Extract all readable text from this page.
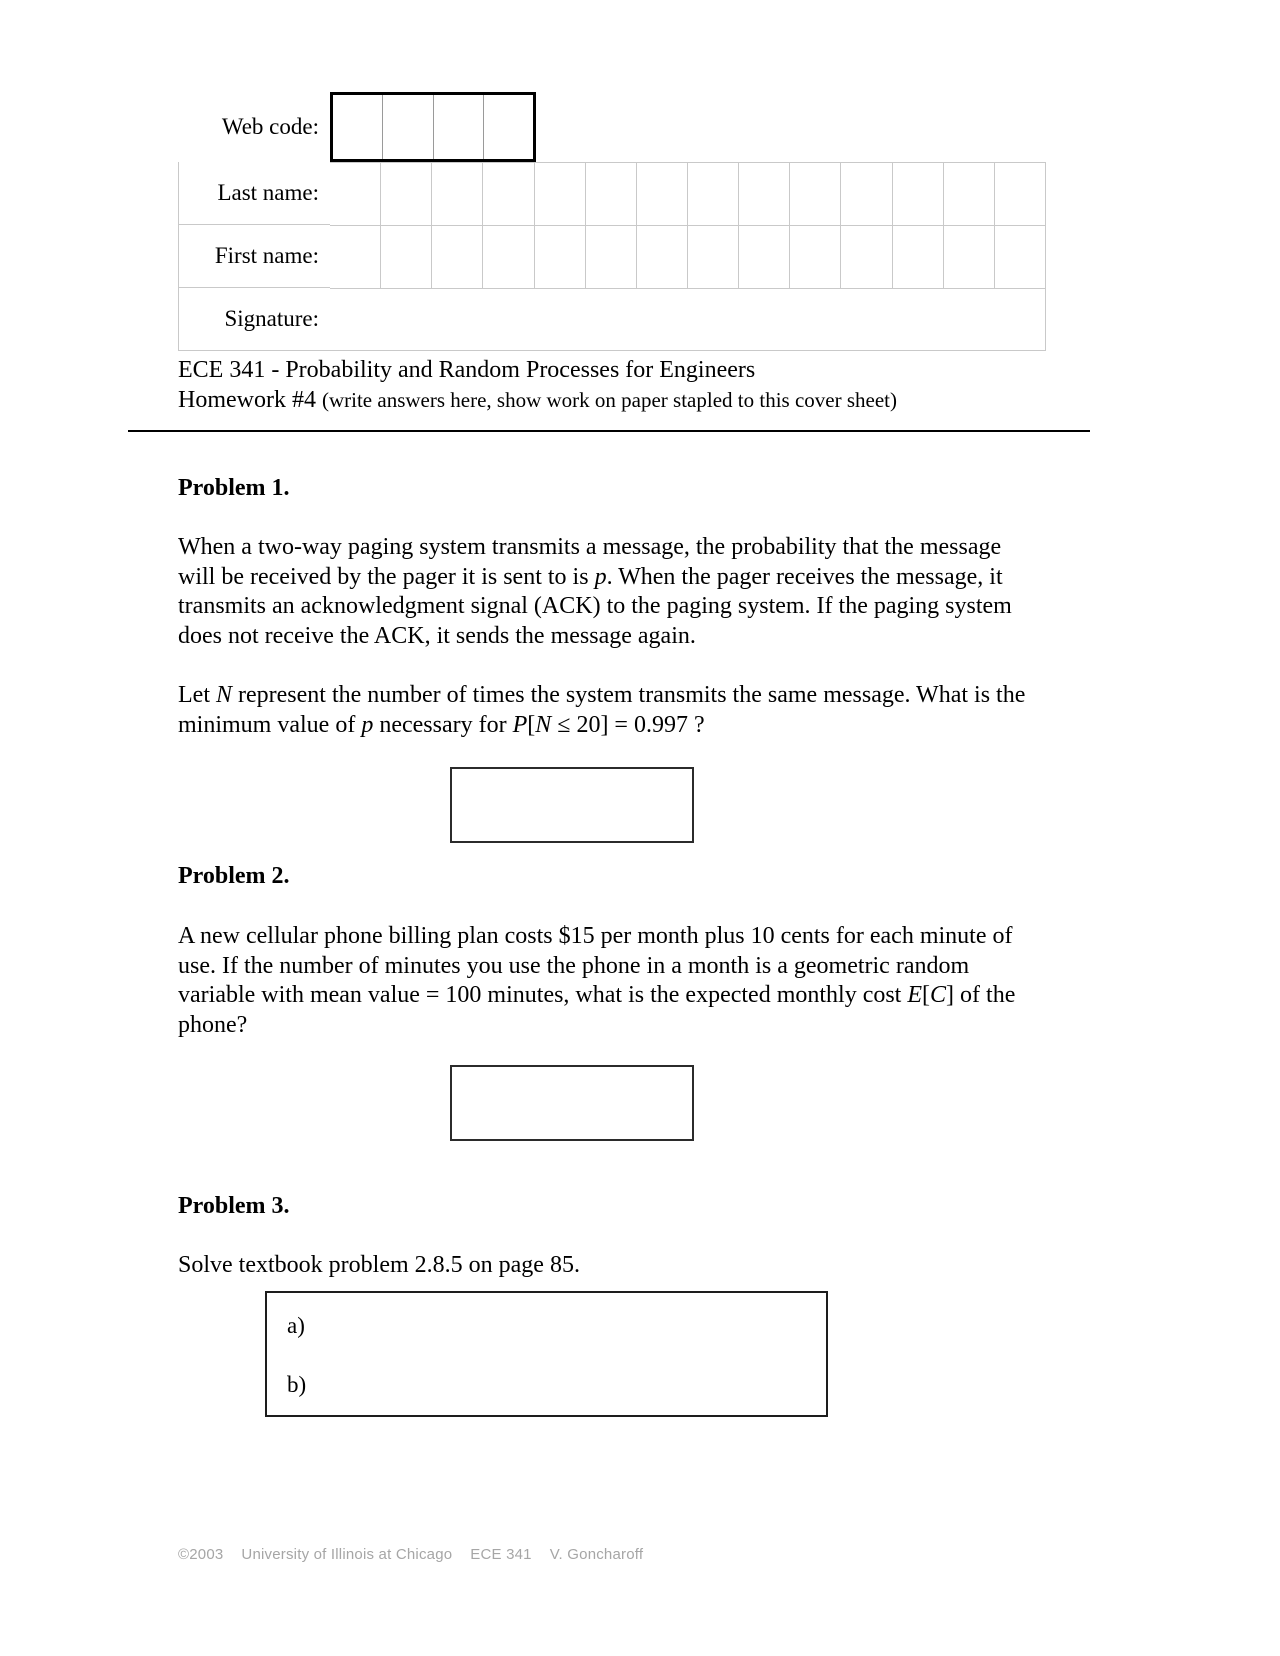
Web code:
Last name:
First name:
Signature:
ECE 341 - Probability and Random Processes for Engineers
Homework #4 (write answers here, show work on paper stapled to this cover sheet)
Problem 1.
When a two-way paging system transmits a message, the probability that the message will be received by the pager it is sent to is p. When the pager receives the message, it transmits an acknowledgment signal (ACK) to the paging system. If the paging system does not receive the ACK, it sends the message again.
Let N represent the number of times the system transmits the same message. What is the minimum value of p necessary for P[N ≤ 20] = 0.997 ?
Problem 2.
A new cellular phone billing plan costs $15 per month plus 10 cents for each minute of use. If the number of minutes you use the phone in a month is a geometric random variable with mean value = 100 minutes, what is the expected monthly cost E[C] of the phone?
Problem 3.
Solve textbook problem 2.8.5 on page 85.
a)
b)
©2003 University of Illinois at Chicago ECE 341 V. Goncharoff
